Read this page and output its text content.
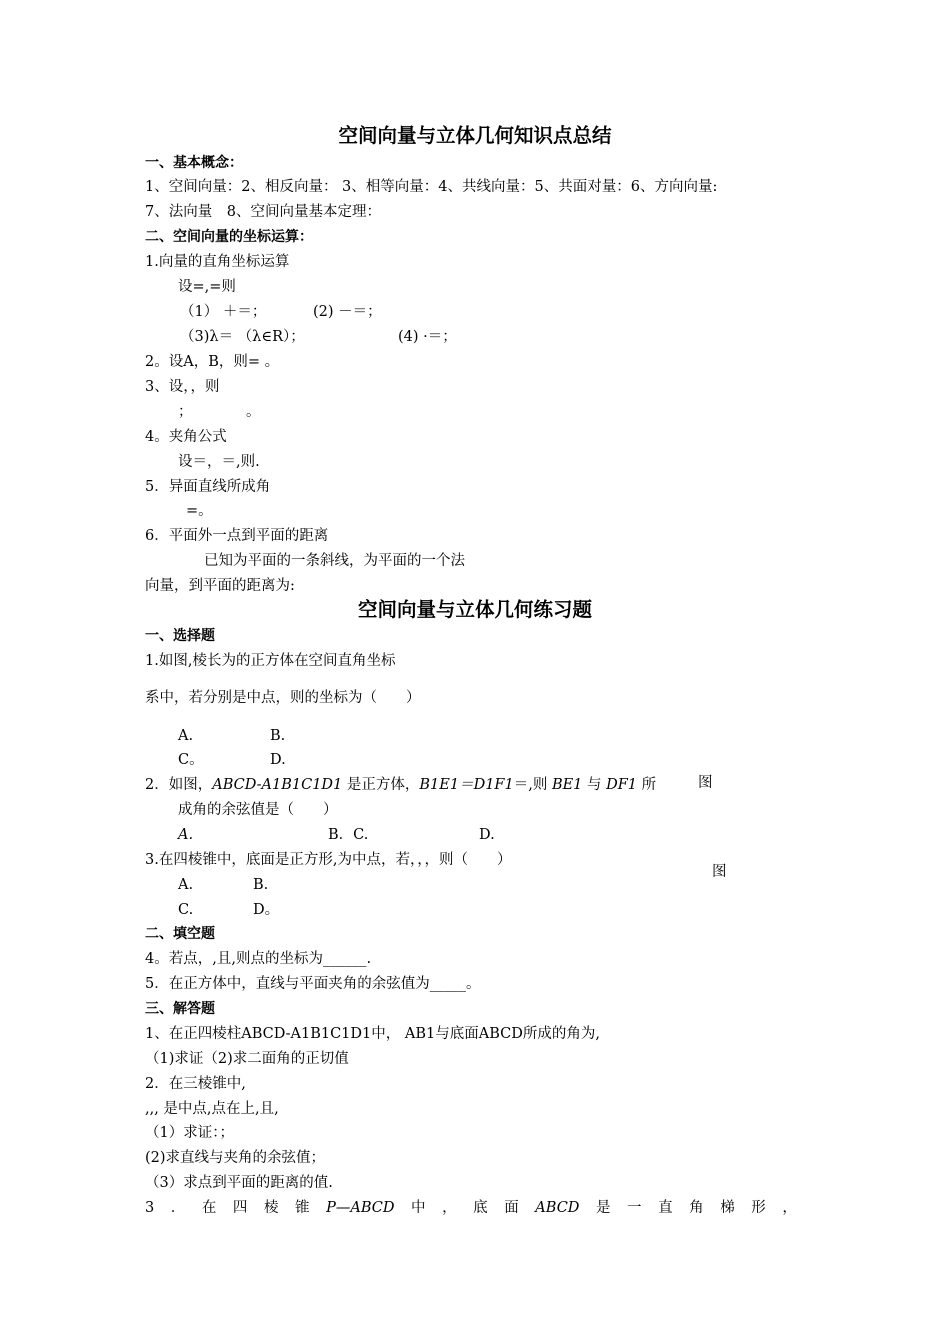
空间向量与立体几何知识点总结
一、基本概念：
1、空间向量：2、相反向量： 3、相等向量：4、共线向量：5、共面对量：6、方向向量:
7、法向量　8、空间向量基本定理：
二、空间向量的坐标运算：
1.向量的直角坐标运算
设=,=则
（1） ＋＝；	(2) －＝；
（3)λ＝ （λ∈R）；	(4) ·＝；
2。设A，B，则= 。
3、设，，则
；	。
4。夹角公式
设＝，＝,则.
5．异面直线所成角
=。
6．平面外一点到平面的距离
已知为平面的一条斜线，为平面的一个法
向量，到平面的距离为:
空间向量与立体几何练习题
一、选择题
1.如图,棱长为的正方体在空间直角坐标
系中，若分别是中点，则的坐标为（　　）
A.	B.
C。	D.
2．如图，ABCD-A1B1C1D1 是正方体，B1E1＝D1F1＝,则 BE1 与 DF1 所	图
成角的余弦值是（　　）
A.	B．C.	D.
3.在四棱锥中，底面是正方形,为中点，若，，，则（　　）
图
A.	B.
C.	D。
二、填空题
4。若点，,且,则点的坐标为______.
5．在正方体中，直线与平面夹角的余弦值为_____。
三、解答题
1、在正四棱柱ABCD-A1B1C1D1中， AB1与底面ABCD所成的角为,
（1)求证（2)求二面角的正切值
2．在三棱锥中,
,,, 是中点,点在上,且,
（1）求证：；
(2)求直线与夹角的余弦值；
（3）求点到平面的距离的值.
3 ． 在 四 棱 锥 P—ABCD 中 ， 底 面 ABCD 是 一 直 角 梯 形 ，
